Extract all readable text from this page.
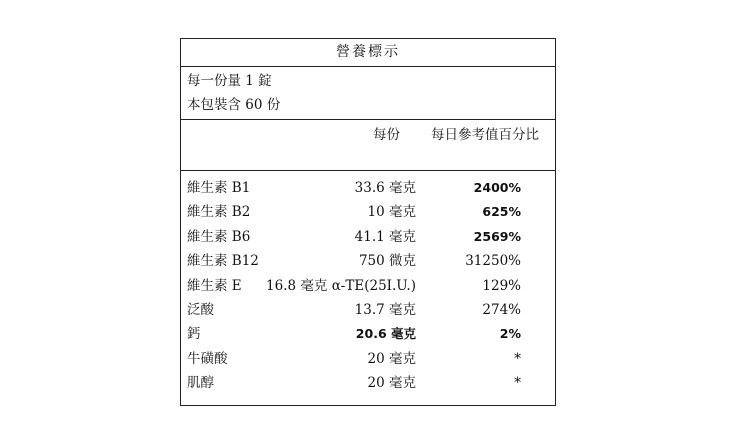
營養標示
每一份量 1 錠
本包裝含 60 份
每份 每日參考值百分比
維生素 B1	33.6 毫克	2400%
維生素 B2	10 毫克	625%
維生素 B6	41.1 毫克	2569%
維生素 B12	750 微克	31250%
維生素 E 16.8 毫克 α-TE(25I.U.)	129%
泛酸	13.7 毫克	274%
鈣	20.6 毫克	2%
牛磺酸	20 毫克	*
肌醇	20 毫克	*
